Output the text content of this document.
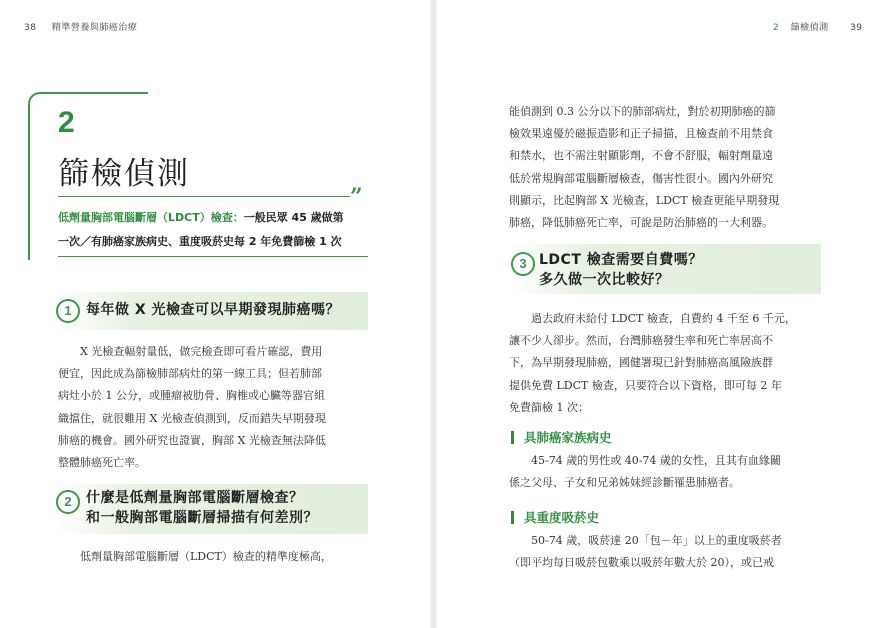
38 精準營養與肺癌治療
2
篩檢偵測
”
低劑量胸部電腦斷層（LDCT）檢查：一般民眾 45 歲做第
一次／有肺癌家族病史、重度吸菸史每 2 年免費篩檢 1 次
1	每年做 X 光檢查可以早期發現肺癌嗎？

X 光檢查輻射量低，做完檢查即可看片確認，費用

便宜，因此成為篩檢肺部病灶的第一線工具；但若肺部

病灶小於 1 公分，或腫瘤被肋骨、胸椎或心臟等器官組

織擋住，就很難用 X 光檢查偵測到，反而錯失早期發現

肺癌的機會。國外研究也證實，胸部 X 光檢查無法降低

整體肺癌死亡率。

2	什麼是低劑量胸部電腦斷層檢查？
和一般胸部電腦斷層掃描有何差別？

低劑量胸部電腦斷層（LDCT）檢查的精準度極高，

2 篩檢偵測 39

能偵測到 0.3 公分以下的肺部病灶，對於初期肺癌的篩

檢效果遠優於磁振造影和正子掃描，且檢查前不用禁食

和禁水，也不需注射顯影劑，不會不舒服，輻射劑量遠

低於常規胸部電腦斷層檢查，傷害性很小。國內外研究

則顯示，比起胸部 X 光檢查，LDCT 檢查更能早期發現

肺癌，降低肺癌死亡率，可說是防治肺癌的一大利器。

3 LDCT 檢查需要自費嗎？
多久做一次比較好？

過去政府未給付 LDCT 檢查，自費約 4 千至 6 千元，

讓不少人卻步。然而，台灣肺癌發生率和死亡率居高不

下，為早期發現肺癌，國健署現已針對肺癌高風險族群

提供免費 LDCT 檢查，只要符合以下資格，即可每 2 年

免費篩檢 1 次：

具肺癌家族病史

45-74 歲的男性或 40-74 歲的女性，且其有血緣關

係之父母、子女和兄弟姊妹經診斷罹患肺癌者。

具重度吸菸史

50-74 歲，吸菸達 20「包－年」以上的重度吸菸者

（即平均每日吸菸包數乘以吸菸年數大於 20），或已戒
